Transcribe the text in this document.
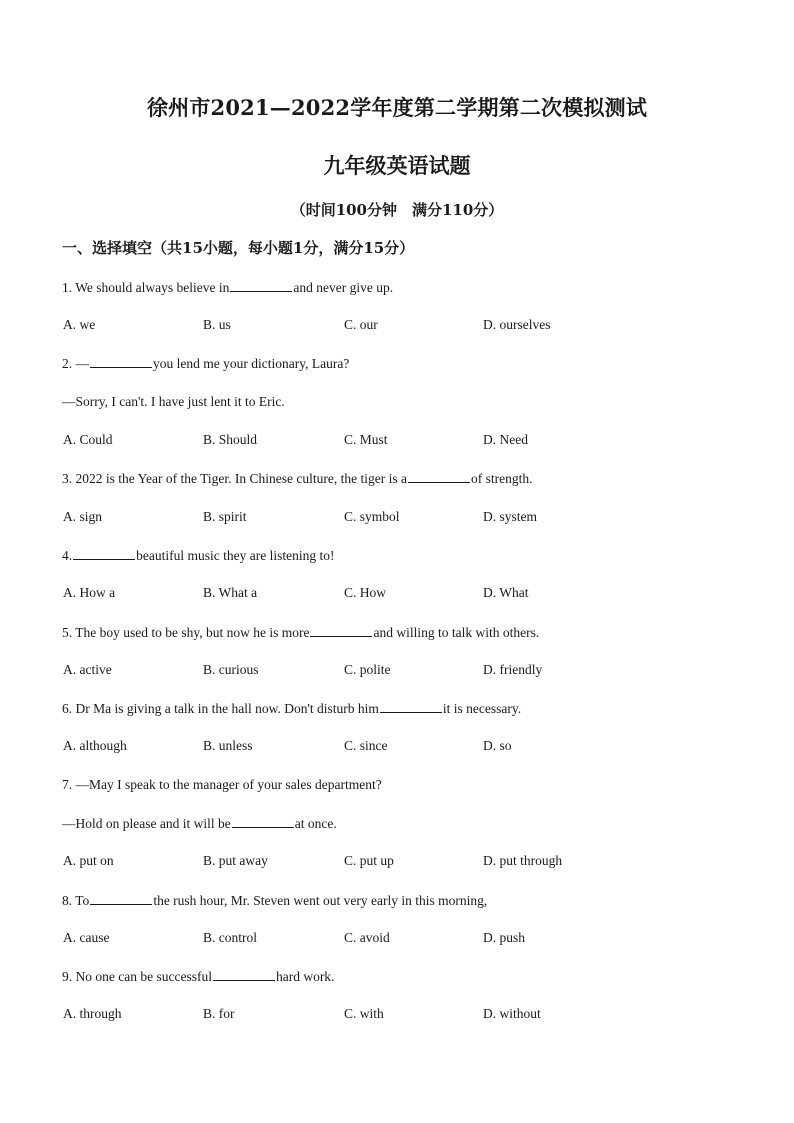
徐州市2021—2022学年度第二学期第二次模拟测试
九年级英语试题
（时间100分钟　满分110分）
一、选择填空（共15小题，每小题1分，满分15分）
1. We should always believe in	and never give up.
A. we	B. us	C. our	D. ourselves
2. —	you lend me your dictionary, Laura?
—Sorry, I can't. I have just lent it to Eric.
A. Could	B. Should	C. Must	D. Need
3. 2022 is the Year of the Tiger. In Chinese culture, the tiger is a	of strength.
A. sign	B. spirit	C. symbol	D. system
4.	beautiful music they are listening to!
A. How a	B. What a	C. How	D. What
5. The boy used to be shy, but now he is more	and willing to talk with others.
A. active	B. curious	C. polite	D. friendly
6. Dr Ma is giving a talk in the hall now. Don't disturb him	it is necessary.
A. although	B. unless	C. since	D. so
7. —May I speak to the manager of your sales department?
—Hold on please and it will be	at once.
A. put on	B. put away	C. put up	D. put through
8. To	the rush hour, Mr. Steven went out very early in this morning,
A. cause	B. control	C. avoid	D. push
9. No one can be successful	hard work.
A. through	B. for	C. with	D. without
